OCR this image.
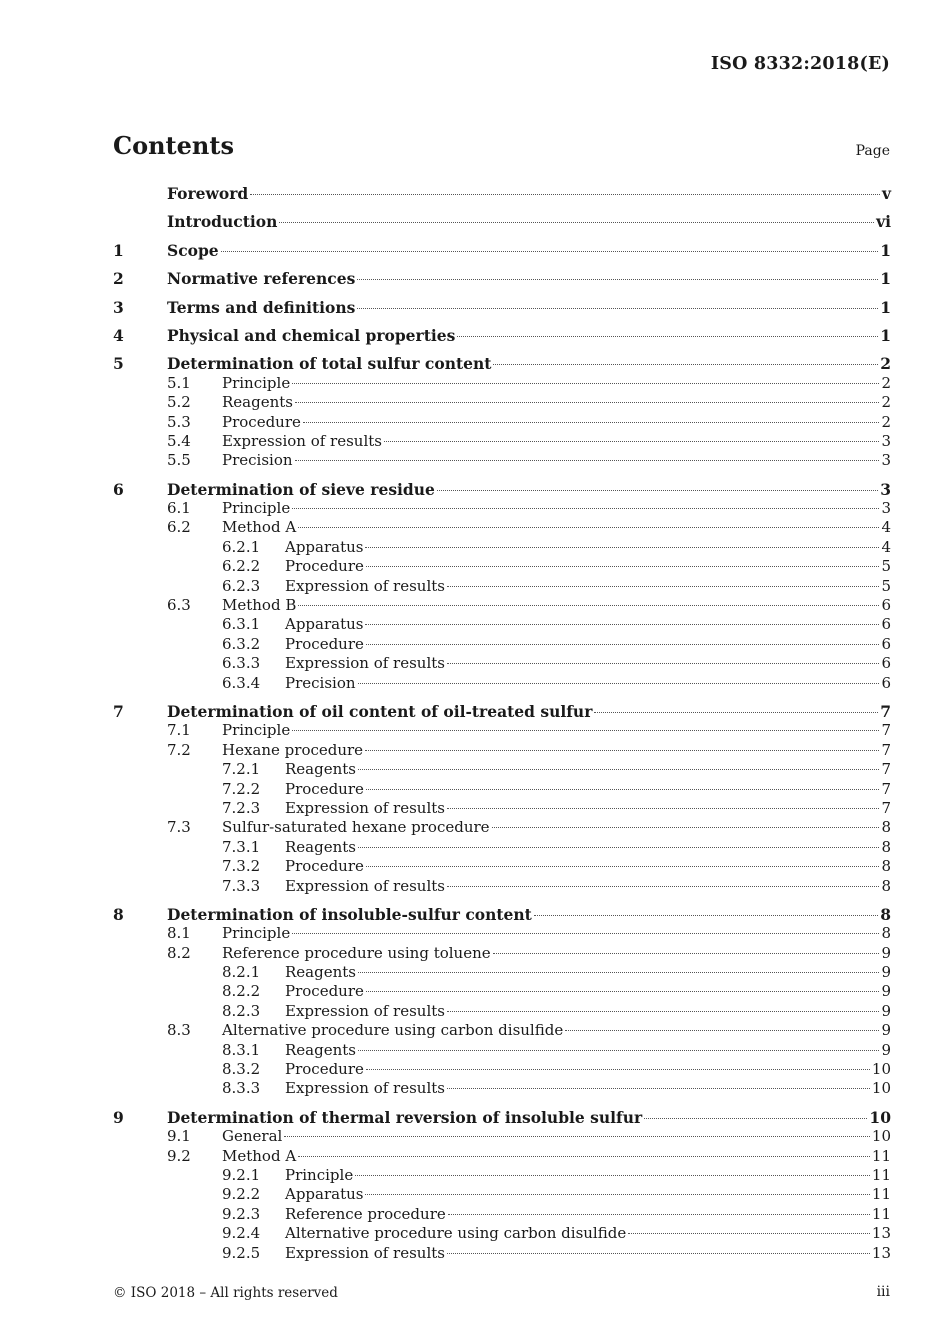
ISO 8332:2018(E)
Contents	Page
Foreword	v
Introduction	vi
1	Scope	1
2	Normative references	1
3	Terms and definitions	1
4	Physical and chemical properties	1
5	Determination of total sulfur content	2
5.1	Principle	2
5.2	Reagents	2
5.3	Procedure	2
5.4	Expression of results	3
5.5	Precision	3
6	Determination of sieve residue	3
6.1	Principle	3
6.2	Method A	4
6.2.1	Apparatus	4
6.2.2	Procedure	5
6.2.3	Expression of results	5
6.3	Method B	6
6.3.1	Apparatus	6
6.3.2	Procedure	6
6.3.3	Expression of results	6
6.3.4	Precision	6
7	Determination of oil content of oil-treated sulfur	7
7.1	Principle	7
7.2	Hexane procedure	7
7.2.1	Reagents	7
7.2.2	Procedure	7
7.2.3	Expression of results	7
7.3	Sulfur-saturated hexane procedure	8
7.3.1	Reagents	8
7.3.2	Procedure	8
7.3.3	Expression of results	8
8	Determination of insoluble-sulfur content	8
8.1	Principle	8
8.2	Reference procedure using toluene	9
8.2.1	Reagents	9
8.2.2	Procedure	9
8.2.3	Expression of results	9
8.3	Alternative procedure using carbon disulfide	9
8.3.1	Reagents	9
8.3.2	Procedure	10
8.3.3	Expression of results	10
9	Determination of thermal reversion of insoluble sulfur	10
9.1	General	10
9.2	Method A	11
9.2.1	Principle	11
9.2.2	Apparatus	11
9.2.3	Reference procedure	11
9.2.4	Alternative procedure using carbon disulfide	13
9.2.5	Expression of results	13
© ISO 2018 – All rights reserved	iii
